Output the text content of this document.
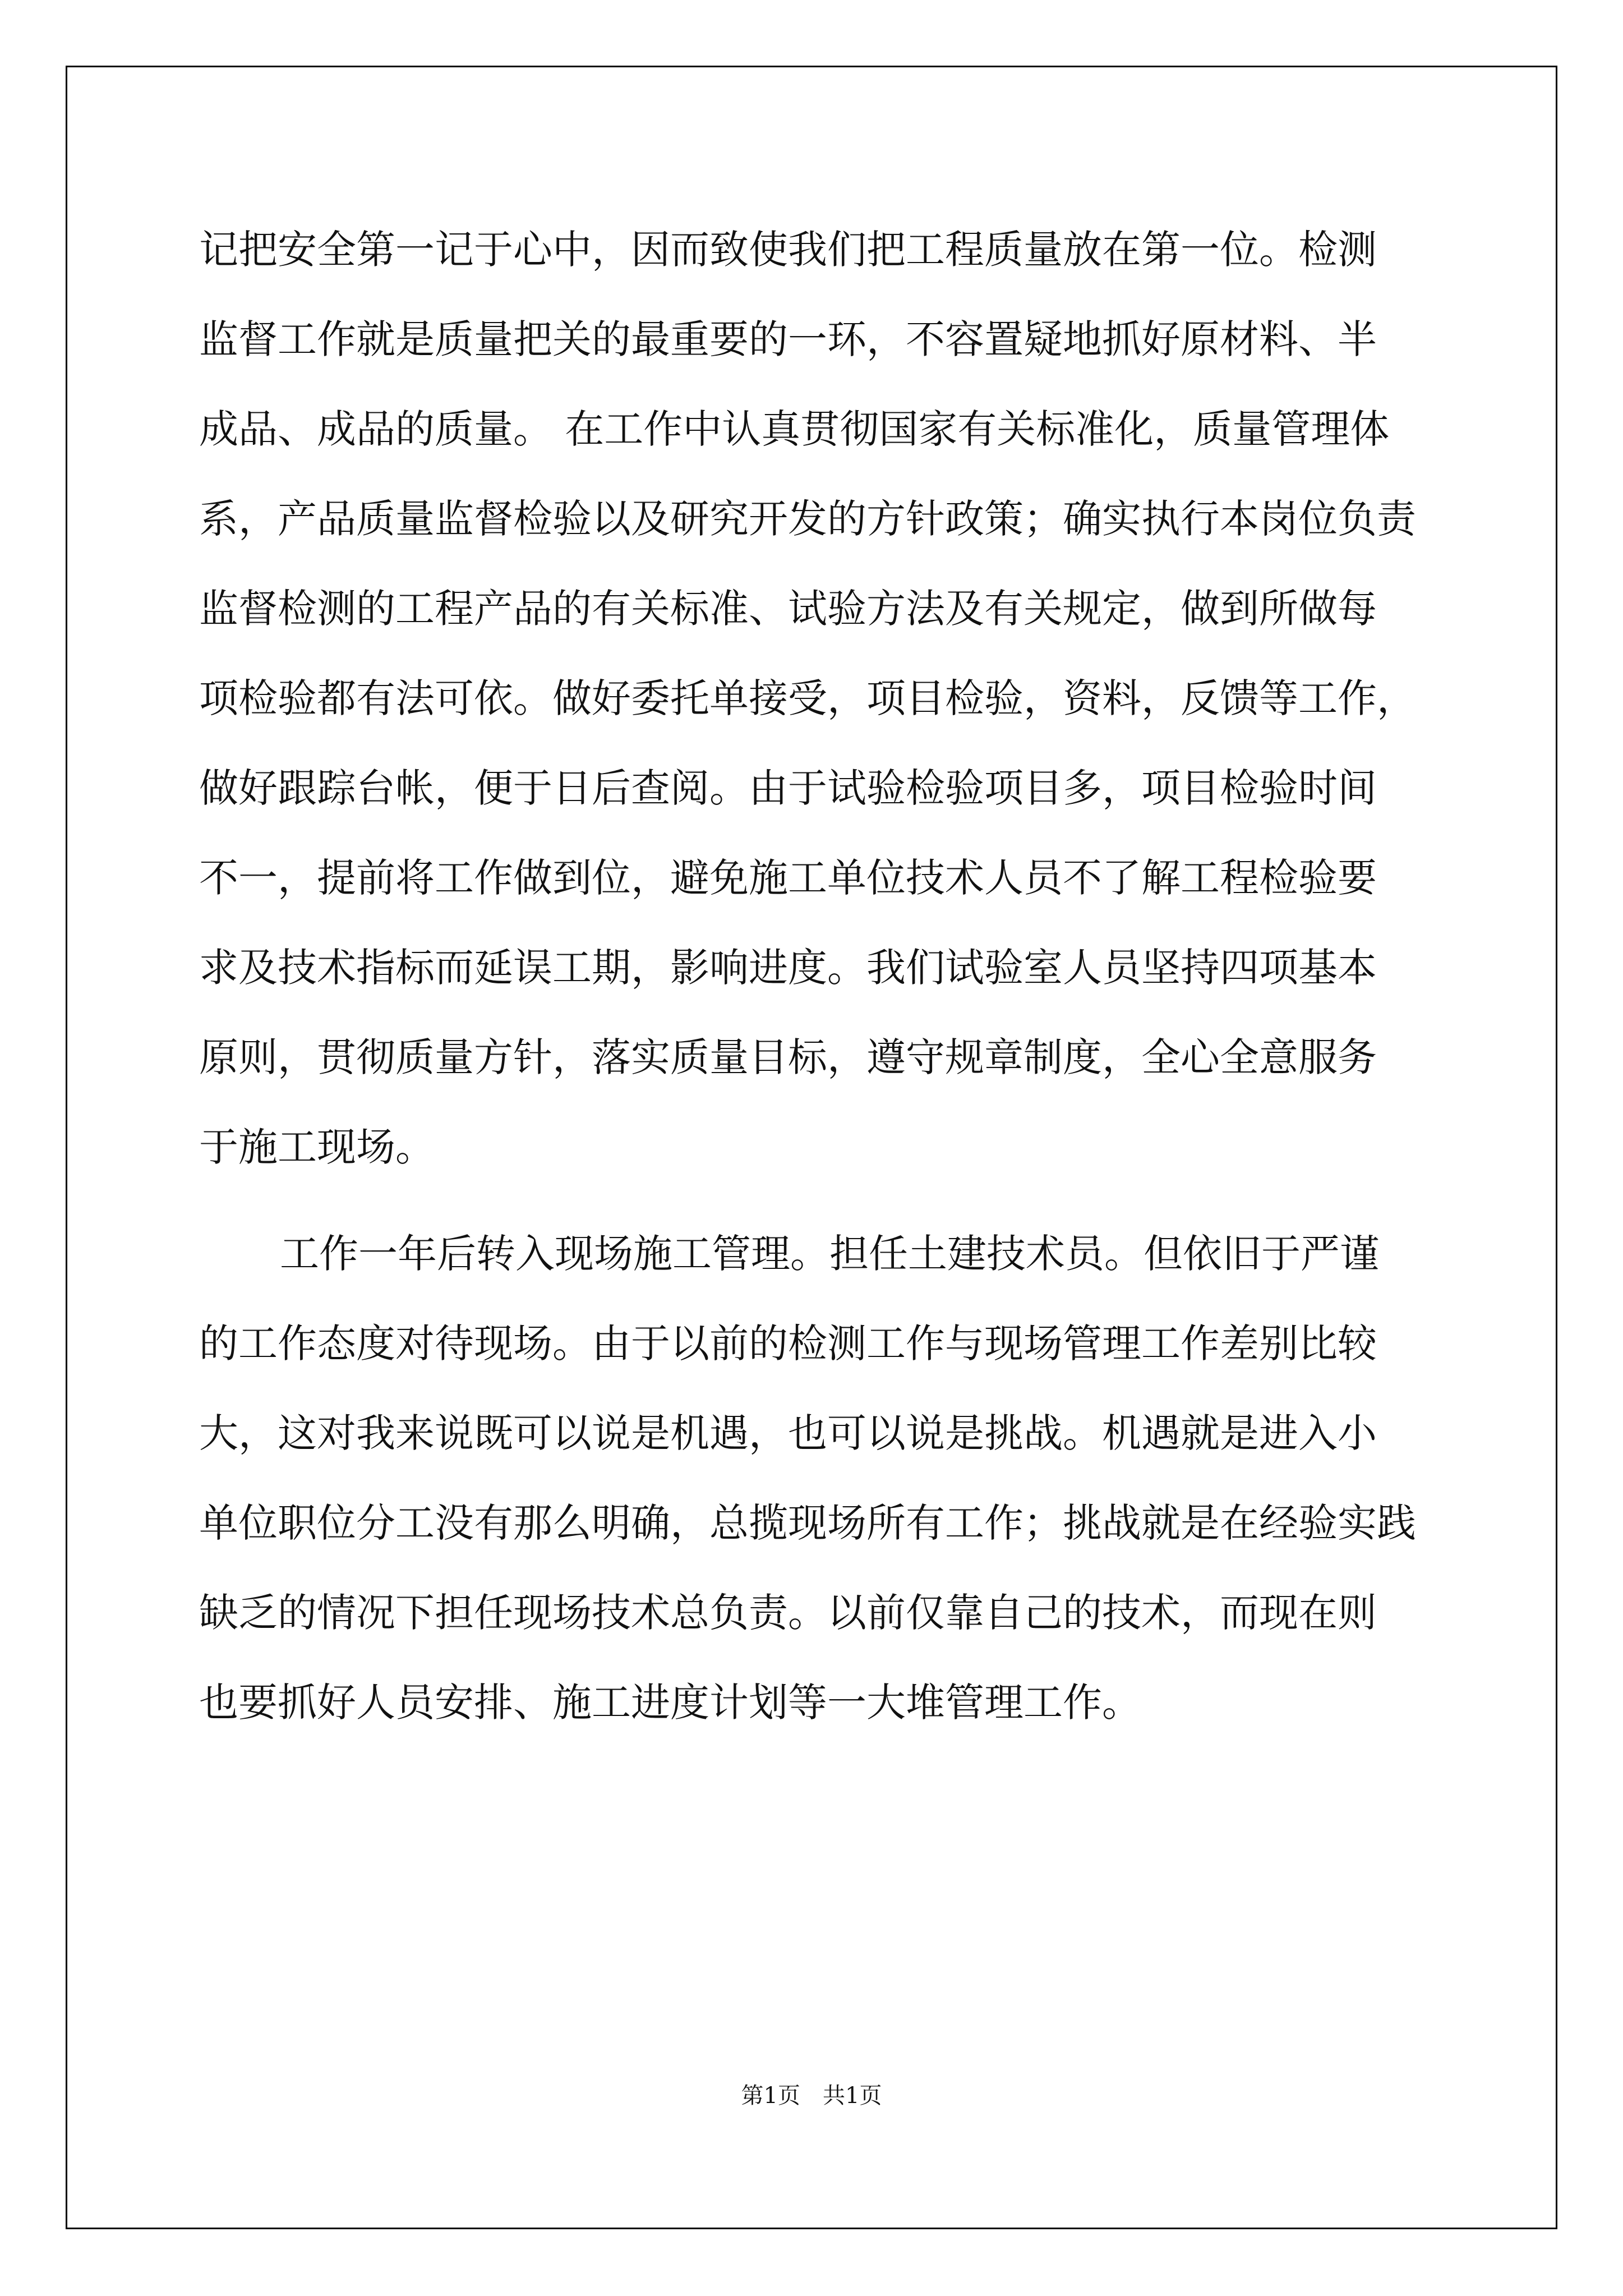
记把安全第一记于心中，因而致使我们把工程质量放在第一位。检测
监督工作就是质量把关的最重要的一环，不容置疑地抓好原材料、半
成品、成品的质量。 在工作中认真贯彻国家有关标准化，质量管理体
系，产品质量监督检验以及研究开发的方针政策；确实执行本岗位负责
监督检测的工程产品的有关标准、试验方法及有关规定，做到所做每
项检验都有法可依。做好委托单接受，项目检验，资料，反馈等工作，
做好跟踪台帐，便于日后查阅。由于试验检验项目多，项目检验时间
不一，提前将工作做到位，避免施工单位技术人员不了解工程检验要
求及技术指标而延误工期，影响进度。我们试验室人员坚持四项基本
原则，贯彻质量方针，落实质量目标，遵守规章制度，全心全意服务
于施工现场。
工作一年后转入现场施工管理。担任土建技术员。但依旧于严谨
的工作态度对待现场。由于以前的检测工作与现场管理工作差别比较
大，这对我来说既可以说是机遇，也可以说是挑战。机遇就是进入小
单位职位分工没有那么明确，总揽现场所有工作；挑战就是在经验实践
缺乏的情况下担任现场技术总负责。以前仅靠自己的技术，而现在则
也要抓好人员安排、施工进度计划等一大堆管理工作。
第1页　共1页
